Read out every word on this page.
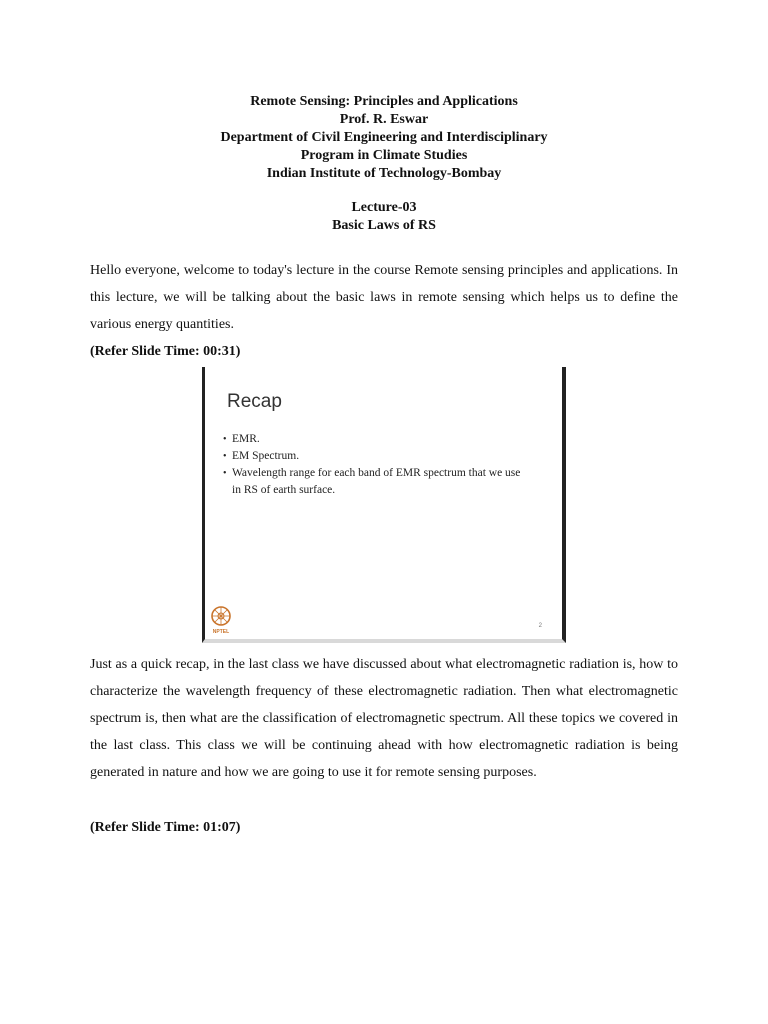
Remote Sensing: Principles and Applications
Prof. R. Eswar
Department of Civil Engineering and Interdisciplinary
Program in Climate Studies
Indian Institute of Technology-Bombay
Lecture-03
Basic Laws of RS

Hello everyone, welcome to today's lecture in the course Remote sensing principles and applications. In this lecture, we will be talking about the basic laws in remote sensing which helps us to define the various energy quantities.

(Refer Slide Time: 00:31)
Recap
• EMR.
• EM Spectrum.
• Wavelength range for each band of EMR spectrum that we use in RS of earth surface.
NPTEL
2

Just as a quick recap, in the last class we have discussed about what electromagnetic radiation is, how to characterize the wavelength frequency of these electromagnetic radiation. Then what electromagnetic spectrum is, then what are the classification of electromagnetic spectrum. All these topics we covered in the last class. This class we will be continuing ahead with how electromagnetic radiation is being generated in nature and how we are going to use it for remote sensing purposes.

(Refer Slide Time: 01:07)
